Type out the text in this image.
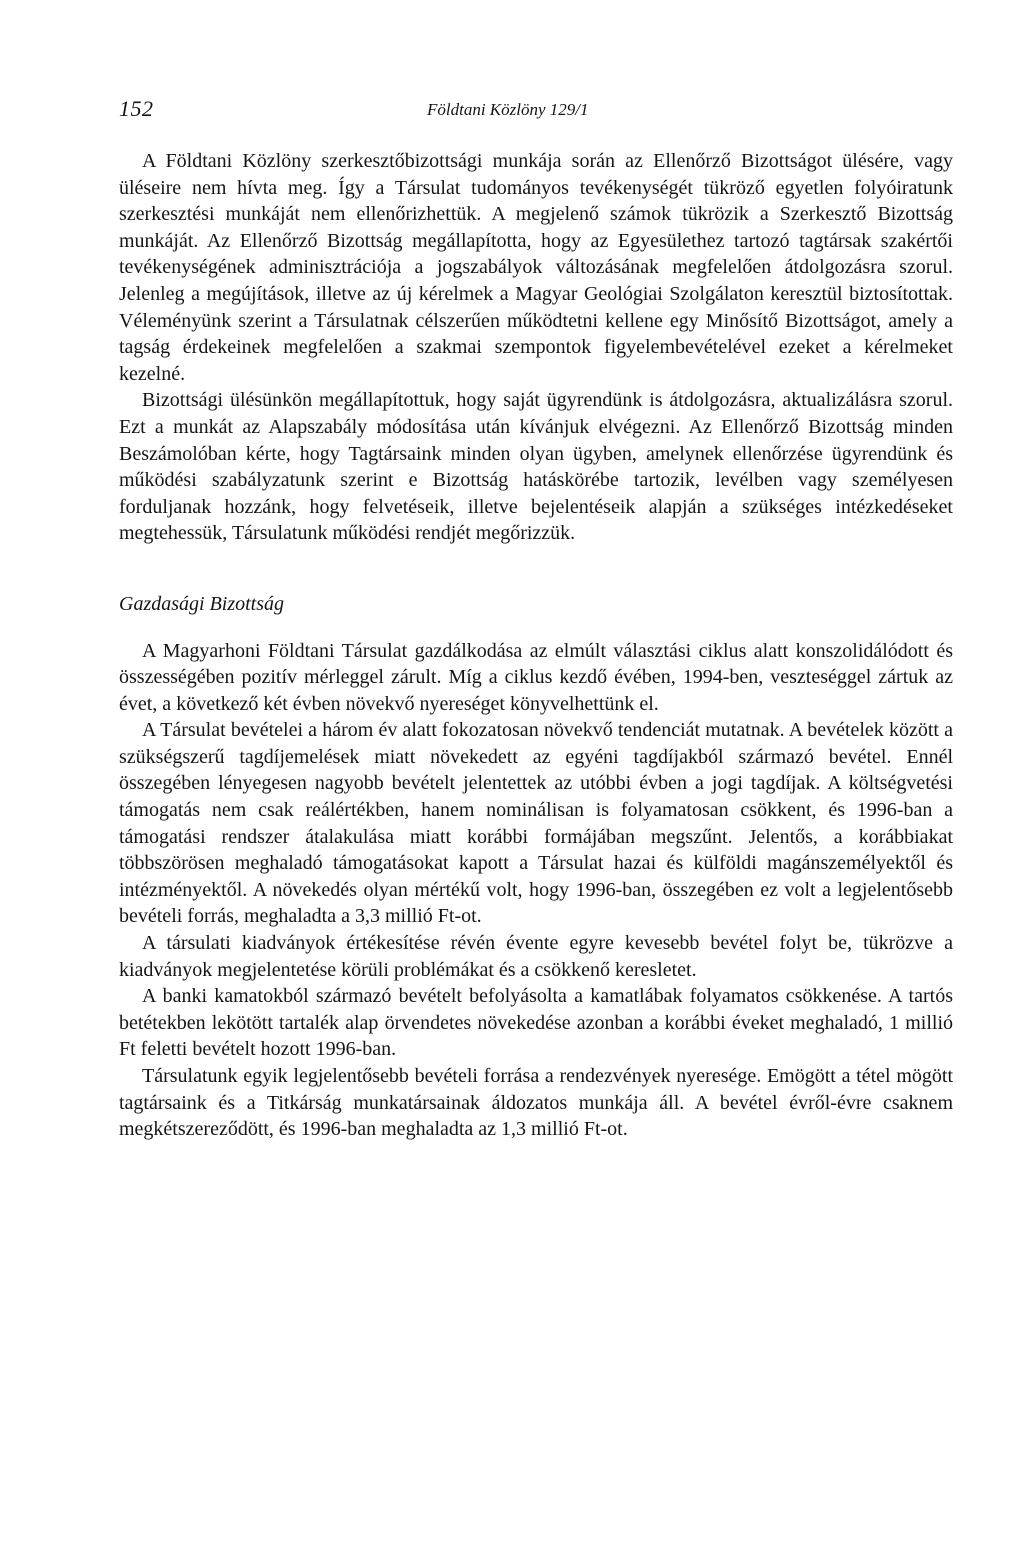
152	Földtani Közlöny 129/1

A Földtani Közlöny szerkesztőbizottsági munkája során az Ellenőrző Bizottságot ülésére, vagy üléseire nem hívta meg. Így a Társulat tudományos tevékenységét tükröző egyetlen folyóiratunk szerkesztési munkáját nem ellenőrizhettük. A megjelenő számok tükrözik a Szerkesztő Bizottság munkáját. Az Ellenőrző Bizottság megállapította, hogy az Egyesülethez tartozó tagtársak szakértői tevékenységének adminisztrációja a jogszabályok változásának megfelelően átdolgozásra szorul. Jelenleg a megújítások, illetve az új kérelmek a Magyar Geológiai Szolgálaton keresztül biztosítottak. Véleményünk szerint a Társulatnak célszerűen működtetni kellene egy Minősítő Bizottságot, amely a tagság érdekeinek megfelelően a szakmai szempontok figyelembevételével ezeket a kérelmeket kezelné.

Bizottsági ülésünkön megállapítottuk, hogy saját ügyrendünk is átdolgozásra, aktualizálásra szorul. Ezt a munkát az Alapszabály módosítása után kívánjuk elvégezni. Az Ellenőrző Bizottság minden Beszámolóban kérte, hogy Tagtársaink minden olyan ügyben, amelynek ellenőrzése ügyrendünk és működési szabályzatunk szerint e Bizottság hatáskörébe tartozik, levélben vagy személyesen forduljanak hozzánk, hogy felvetéseik, illetve bejelentéseik alapján a szükséges intézkedéseket megtehessük, Társulatunk működési rendjét megőrizzük.

Gazdasági Bizottság

A Magyarhoni Földtani Társulat gazdálkodása az elmúlt választási ciklus alatt konszolidálódott és összességében pozitív mérleggel zárult. Míg a ciklus kezdő évében, 1994-ben, veszteséggel zártuk az évet, a következő két évben növekvő nyereséget könyvelhettünk el.

A Társulat bevételei a három év alatt fokozatosan növekvő tendenciát mutatnak. A bevételek között a szükségszerű tagdíjemelések miatt növekedett az egyéni tagdíjakból származó bevétel. Ennél összegében lényegesen nagyobb bevételt jelentettek az utóbbi évben a jogi tagdíjak. A költségvetési támogatás nem csak reálértékben, hanem nominálisan is folyamatosan csökkent, és 1996-ban a támogatási rendszer átalakulása miatt korábbi formájában megszűnt. Jelentős, a korábbiakat többszörösen meghaladó támogatásokat kapott a Társulat hazai és külföldi magánszemélyektől és intézményektől. A növekedés olyan mértékű volt, hogy 1996-ban, összegében ez volt a legjelentősebb bevételi forrás, meghaladta a 3,3 millió Ft-ot.

A társulati kiadványok értékesítése révén évente egyre kevesebb bevétel folyt be, tükrözve a kiadványok megjelentetése körüli problémákat és a csökkenő keresletet.

A banki kamatokból származó bevételt befolyásolta a kamatlábak folyamatos csökkenése. A tartós betétekben lekötött tartalék alap örvendetes növekedése azonban a korábbi éveket meghaladó, 1 millió Ft feletti bevételt hozott 1996-ban.

Társulatunk egyik legjelentősebb bevételi forrása a rendezvények nyeresége. Emögött a tétel mögött tagtársaink és a Titkárság munkatársainak áldozatos munkája áll. A bevétel évről-évre csaknem megkétszereződött, és 1996-ban meghaladta az 1,3 millió Ft-ot.
